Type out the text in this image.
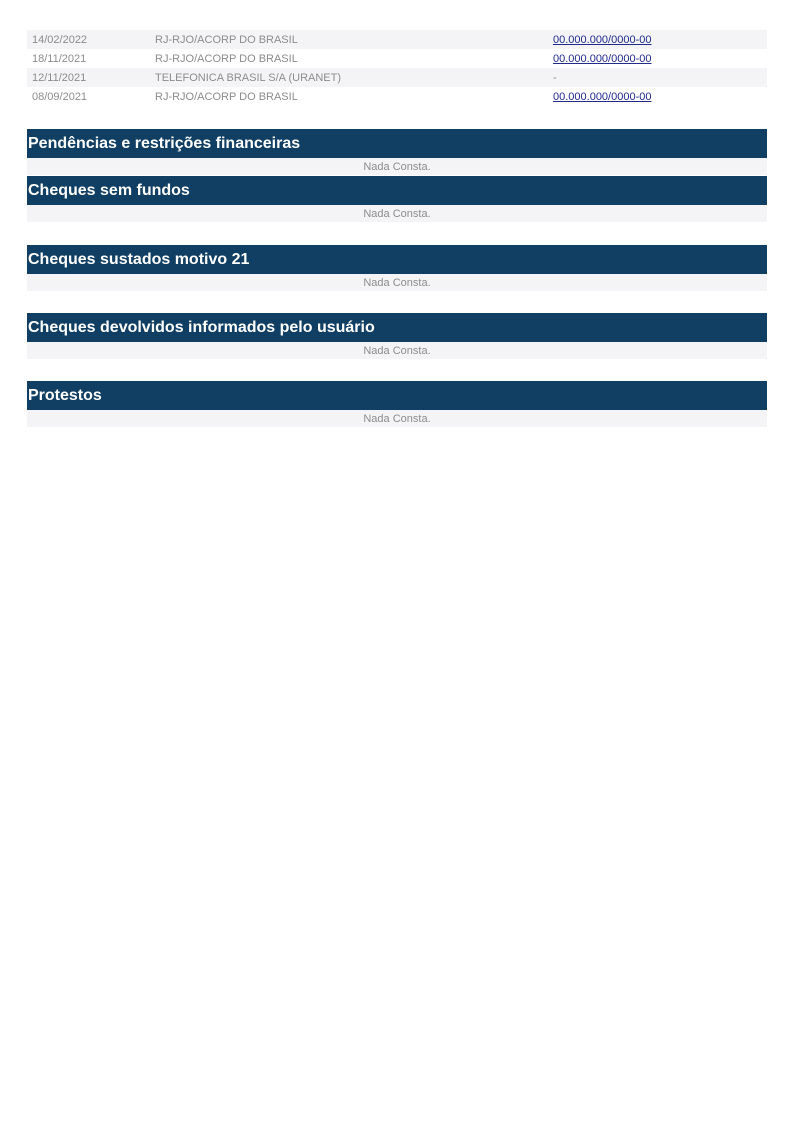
14/02/2022	RJ-RJO/ACORP DO BRASIL	00.000.000/0000-00
18/11/2021	RJ-RJO/ACORP DO BRASIL	00.000.000/0000-00
12/11/2021	TELEFONICA BRASIL S/A (URANET)	-
08/09/2021	RJ-RJO/ACORP DO BRASIL	00.000.000/0000-00
Pendências e restrições financeiras
Nada Consta.
Cheques sem fundos
Nada Consta.
Cheques sustados motivo 21
Nada Consta.
Cheques devolvidos informados pelo usuário
Nada Consta.
Protestos
Nada Consta.
